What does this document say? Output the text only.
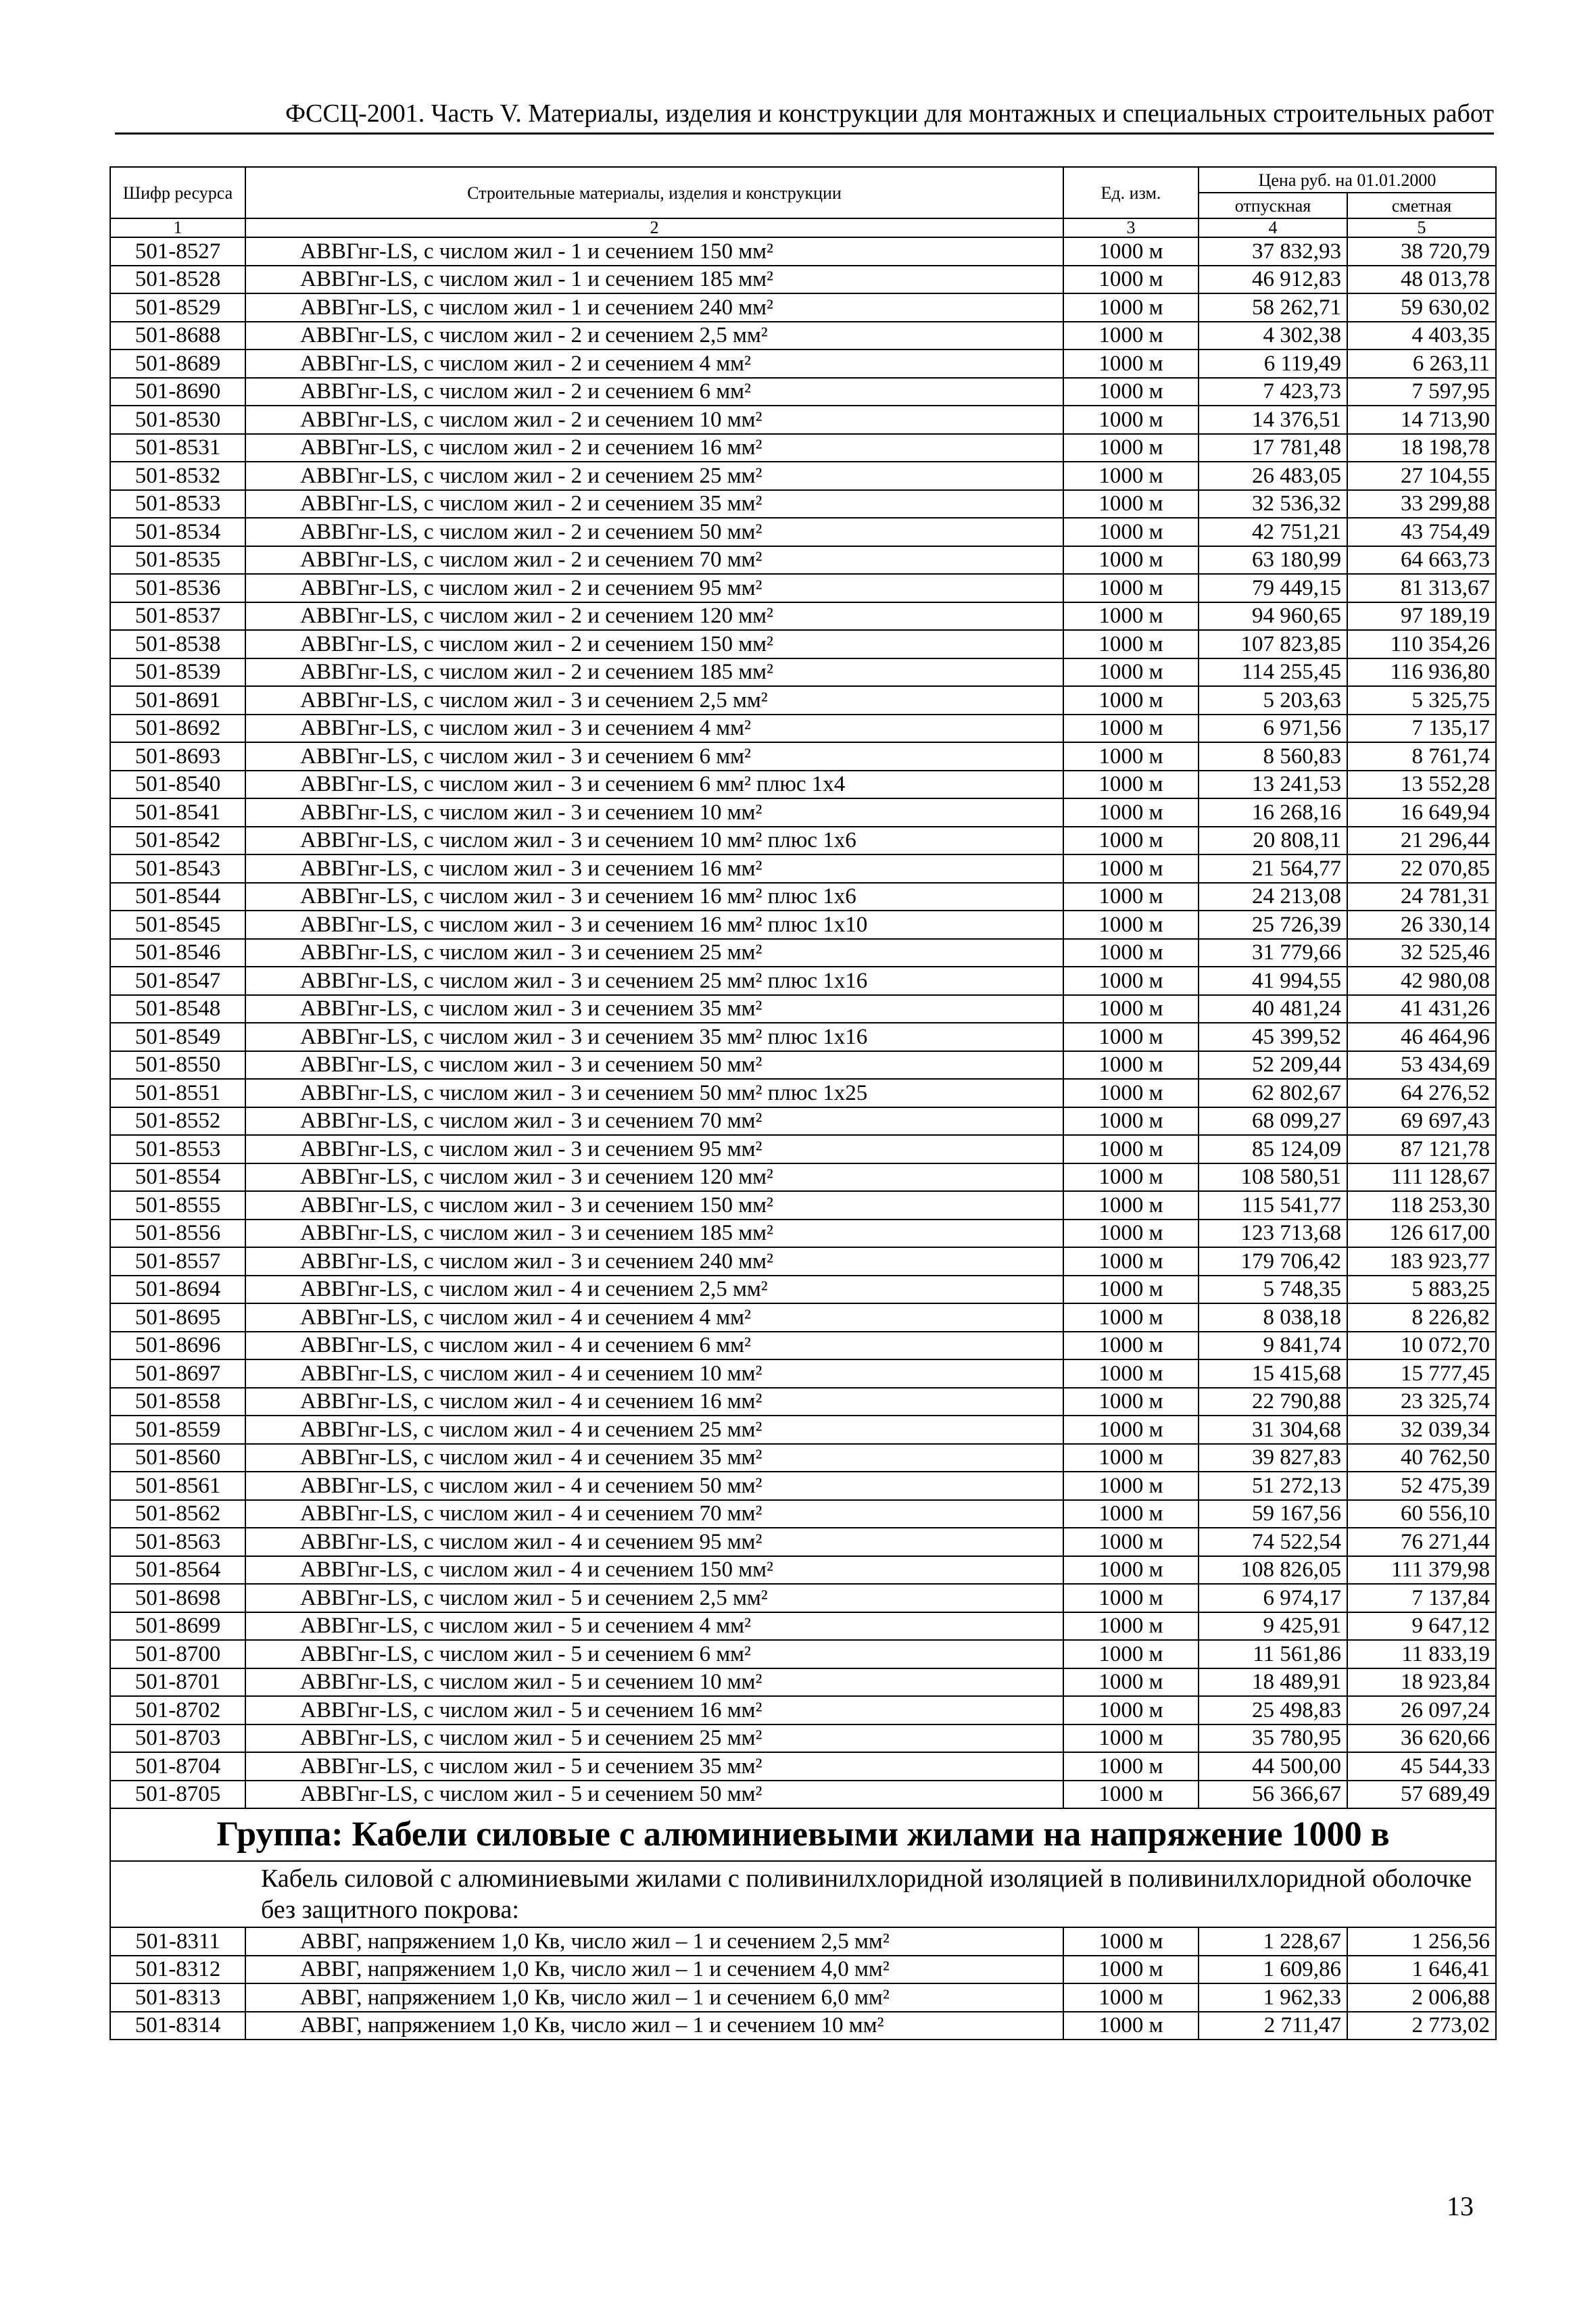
ФССЦ-2001. Часть V. Материалы, изделия и конструкции для монтажных и специальных строительных работ
Шифр ресурса	Строительные материалы, изделия и конструкции	Ед. изм.	Цена руб. на 01.01.2000	
			отпускная	сметная
1	2	3	4	5
501-8527	АВВГнг-LS, с числом жил - 1 и сечением 150 мм²	1000 м	37 832,93	38 720,79
501-8528	АВВГнг-LS, с числом жил - 1 и сечением 185 мм²	1000 м	46 912,83	48 013,78
501-8529	АВВГнг-LS, с числом жил - 1 и сечением 240 мм²	1000 м	58 262,71	59 630,02
501-8688	АВВГнг-LS, с числом жил - 2 и сечением 2,5 мм²	1000 м	4 302,38	4 403,35
501-8689	АВВГнг-LS, с числом жил - 2 и сечением 4 мм²	1000 м	6 119,49	6 263,11
501-8690	АВВГнг-LS, с числом жил - 2 и сечением 6 мм²	1000 м	7 423,73	7 597,95
501-8530	АВВГнг-LS, с числом жил - 2 и сечением 10 мм²	1000 м	14 376,51	14 713,90
501-8531	АВВГнг-LS, с числом жил - 2 и сечением 16 мм²	1000 м	17 781,48	18 198,78
501-8532	АВВГнг-LS, с числом жил - 2 и сечением 25 мм²	1000 м	26 483,05	27 104,55
501-8533	АВВГнг-LS, с числом жил - 2 и сечением 35 мм²	1000 м	32 536,32	33 299,88
501-8534	АВВГнг-LS, с числом жил - 2 и сечением 50 мм²	1000 м	42 751,21	43 754,49
501-8535	АВВГнг-LS, с числом жил - 2 и сечением 70 мм²	1000 м	63 180,99	64 663,73
501-8536	АВВГнг-LS, с числом жил - 2 и сечением 95 мм²	1000 м	79 449,15	81 313,67
501-8537	АВВГнг-LS, с числом жил - 2 и сечением 120 мм²	1000 м	94 960,65	97 189,19
501-8538	АВВГнг-LS, с числом жил - 2 и сечением 150 мм²	1000 м	107 823,85	110 354,26
501-8539	АВВГнг-LS, с числом жил - 2 и сечением 185 мм²	1000 м	114 255,45	116 936,80
501-8691	АВВГнг-LS, с числом жил - 3 и сечением 2,5 мм²	1000 м	5 203,63	5 325,75
501-8692	АВВГнг-LS, с числом жил - 3 и сечением 4 мм²	1000 м	6 971,56	7 135,17
501-8693	АВВГнг-LS, с числом жил - 3 и сечением 6 мм²	1000 м	8 560,83	8 761,74
501-8540	АВВГнг-LS, с числом жил - 3 и сечением 6 мм² плюс 1х4	1000 м	13 241,53	13 552,28
501-8541	АВВГнг-LS, с числом жил - 3 и сечением 10 мм²	1000 м	16 268,16	16 649,94
501-8542	АВВГнг-LS, с числом жил - 3 и сечением 10 мм² плюс 1х6	1000 м	20 808,11	21 296,44
501-8543	АВВГнг-LS, с числом жил - 3 и сечением 16 мм²	1000 м	21 564,77	22 070,85
501-8544	АВВГнг-LS, с числом жил - 3 и сечением 16 мм² плюс 1х6	1000 м	24 213,08	24 781,31
501-8545	АВВГнг-LS, с числом жил - 3 и сечением 16 мм² плюс 1х10	1000 м	25 726,39	26 330,14
501-8546	АВВГнг-LS, с числом жил - 3 и сечением 25 мм²	1000 м	31 779,66	32 525,46
501-8547	АВВГнг-LS, с числом жил - 3 и сечением 25 мм² плюс 1х16	1000 м	41 994,55	42 980,08
501-8548	АВВГнг-LS, с числом жил - 3 и сечением 35 мм²	1000 м	40 481,24	41 431,26
501-8549	АВВГнг-LS, с числом жил - 3 и сечением 35 мм² плюс 1х16	1000 м	45 399,52	46 464,96
501-8550	АВВГнг-LS, с числом жил - 3 и сечением 50 мм²	1000 м	52 209,44	53 434,69
501-8551	АВВГнг-LS, с числом жил - 3 и сечением 50 мм² плюс 1х25	1000 м	62 802,67	64 276,52
501-8552	АВВГнг-LS, с числом жил - 3 и сечением 70 мм²	1000 м	68 099,27	69 697,43
501-8553	АВВГнг-LS, с числом жил - 3 и сечением 95 мм²	1000 м	85 124,09	87 121,78
501-8554	АВВГнг-LS, с числом жил - 3 и сечением 120 мм²	1000 м	108 580,51	111 128,67
501-8555	АВВГнг-LS, с числом жил - 3 и сечением 150 мм²	1000 м	115 541,77	118 253,30
501-8556	АВВГнг-LS, с числом жил - 3 и сечением 185 мм²	1000 м	123 713,68	126 617,00
501-8557	АВВГнг-LS, с числом жил - 3 и сечением 240 мм²	1000 м	179 706,42	183 923,77
501-8694	АВВГнг-LS, с числом жил - 4 и сечением 2,5 мм²	1000 м	5 748,35	5 883,25
501-8695	АВВГнг-LS, с числом жил - 4 и сечением 4 мм²	1000 м	8 038,18	8 226,82
501-8696	АВВГнг-LS, с числом жил - 4 и сечением 6 мм²	1000 м	9 841,74	10 072,70
501-8697	АВВГнг-LS, с числом жил - 4 и сечением 10 мм²	1000 м	15 415,68	15 777,45
501-8558	АВВГнг-LS, с числом жил - 4 и сечением 16 мм²	1000 м	22 790,88	23 325,74
501-8559	АВВГнг-LS, с числом жил - 4 и сечением 25 мм²	1000 м	31 304,68	32 039,34
501-8560	АВВГнг-LS, с числом жил - 4 и сечением 35 мм²	1000 м	39 827,83	40 762,50
501-8561	АВВГнг-LS, с числом жил - 4 и сечением 50 мм²	1000 м	51 272,13	52 475,39
501-8562	АВВГнг-LS, с числом жил - 4 и сечением 70 мм²	1000 м	59 167,56	60 556,10
501-8563	АВВГнг-LS, с числом жил - 4 и сечением 95 мм²	1000 м	74 522,54	76 271,44
501-8564	АВВГнг-LS, с числом жил - 4 и сечением 150 мм²	1000 м	108 826,05	111 379,98
501-8698	АВВГнг-LS, с числом жил - 5 и сечением 2,5 мм²	1000 м	6 974,17	7 137,84
501-8699	АВВГнг-LS, с числом жил - 5 и сечением 4 мм²	1000 м	9 425,91	9 647,12
501-8700	АВВГнг-LS, с числом жил - 5 и сечением 6 мм²	1000 м	11 561,86	11 833,19
501-8701	АВВГнг-LS, с числом жил - 5 и сечением 10 мм²	1000 м	18 489,91	18 923,84
501-8702	АВВГнг-LS, с числом жил - 5 и сечением 16 мм²	1000 м	25 498,83	26 097,24
501-8703	АВВГнг-LS, с числом жил - 5 и сечением 25 мм²	1000 м	35 780,95	36 620,66
501-8704	АВВГнг-LS, с числом жил - 5 и сечением 35 мм²	1000 м	44 500,00	45 544,33
501-8705	АВВГнг-LS, с числом жил - 5 и сечением 50 мм²	1000 м	56 366,67	57 689,49
Группа: Кабели силовые с алюминиевыми жилами на напряжение 1000 в				
Кабель силовой с алюминиевыми жилами с поливинилхлоридной изоляцией в поливинилхлоридной оболочке без защитного покрова:				
501-8311	АВВГ, напряжением 1,0 Кв, число жил – 1 и сечением 2,5 мм²	1000 м	1 228,67	1 256,56
501-8312	АВВГ, напряжением 1,0 Кв, число жил – 1 и сечением 4,0 мм²	1000 м	1 609,86	1 646,41
501-8313	АВВГ, напряжением 1,0 Кв, число жил – 1 и сечением 6,0 мм²	1000 м	1 962,33	2 006,88
501-8314	АВВГ, напряжением 1,0 Кв, число жил – 1 и сечением 10 мм²	1000 м	2 711,47	2 773,02
13
